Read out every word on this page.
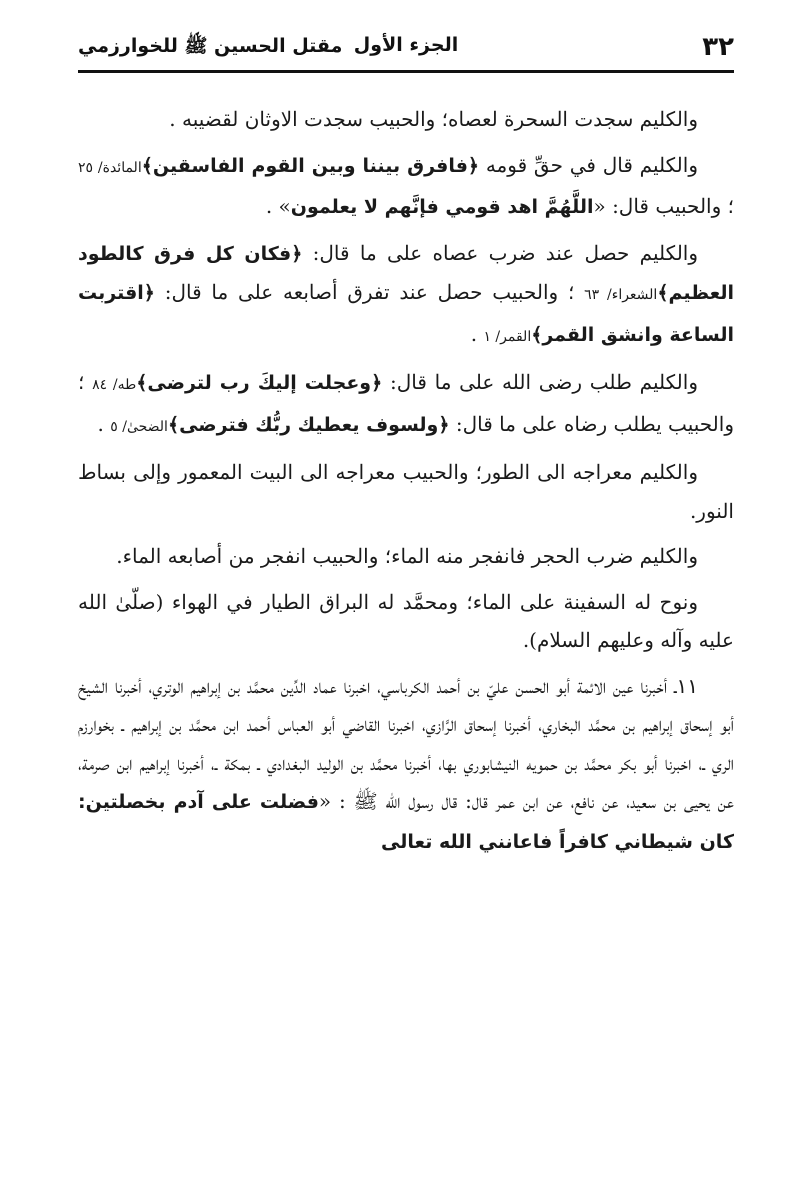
٣٢
الجزء الأول
مقتل الحسين ﷺ للخوارزمي

والكليم سجدت السحرة لعصاه؛ والحبيب سجدت الاوثان لقضيبه .

والكليم قال في حقِّ قومه ﴿فافرق بيننا وبين القوم الفاسقين﴾المائدة/ ٢٥ ؛ والحبيب قال: «اللَّهُمَّ اهد قومي فإنَّهم لا يعلمون» .

والكليم حصل عند ضرب عصاه على ما قال: ﴿فكان كل فرق كالطود العظيم﴾الشعراء/ ٦٣ ؛ والحبيب حصل عند تفرق أصابعه على ما قال: ﴿اقتربت الساعة وانشق القمر﴾القمر/ ١ .

والكليم طلب رضى الله على ما قال: ﴿وعجلت إليكَ رب لترضى﴾طه/ ٨٤ ؛ والحبيب يطلب رضاه على ما قال: ﴿ولسوف يعطيك ربُّك فترضى﴾الضحىٰ/ ٥ .

والكليم معراجه الى الطور؛ والحبيب معراجه الى البيت المعمور وإلى بساط النور.

والكليم ضرب الحجر فانفجر منه الماء؛ والحبيب انفجر من أصابعه الماء.

ونوح له السفينة على الماء؛ ومحمَّد له البراق الطيار في الهواء (صلّىٰ الله عليه وآله وعليهم السلام).

١١ـ أخبرنا عين الائمة أبو الحسن عليّ بن أحمد الكرباسي، اخبرنا عماد الدِّين محمَّد بن إبراهيم الوتري، أخبرنا الشيخ أبو إسحاق إبراهيم بن محمَّد البخاري، أخبرنا إسحاق الرَّازي، اخبرنا القاضي أبو العباس أحمد ابن محمَّد بن إبراهيم ـ بخوارزم الري ـ، اخبرنا أبو بكر محمَّد بن حمويه النيشابوري بها، أخبرنا محمَّد بن الوليد البغدادي ـ بمكة ـ، أخبرنا إبراهيم ابن صرمة، عن يحيى بن سعيد، عن نافع، عن ابن عمر قال: قال رسول الله ﷺ : «فضلت على آدم بخصلتين: كان شيطاني كافراً فاعانني الله تعالى
